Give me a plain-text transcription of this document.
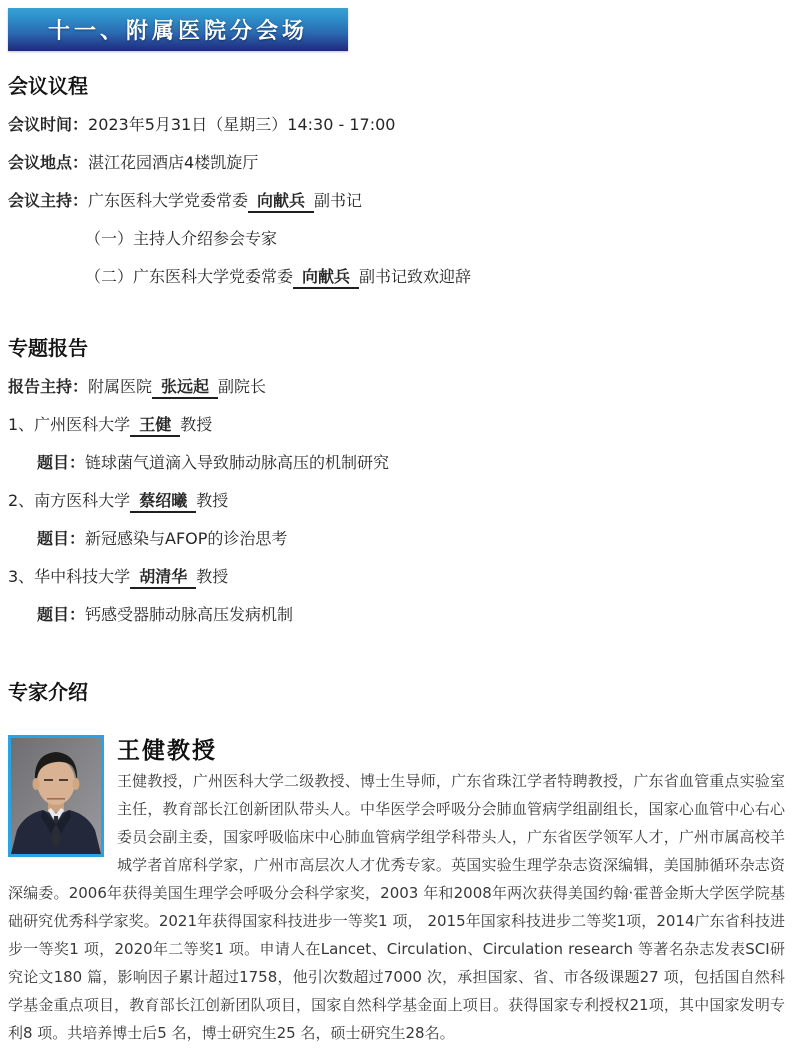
十一、附属医院分会场
会议议程
会议时间：2023年5月31日（星期三）14:30 - 17:00
会议地点：湛江花园酒店4楼凯旋厅
会议主持：广东医科大学党委常委 向献兵 副书记
（一）主持人介绍参会专家
（二）广东医科大学党委常委 向献兵 副书记致欢迎辞
专题报告
报告主持：附属医院 张远起 副院长
1、广州医科大学 王健 教授
题目：链球菌气道滴入导致肺动脉高压的机制研究
2、南方医科大学 蔡绍曦 教授
题目：新冠感染与AFOP的诊治思考
3、华中科技大学 胡清华 教授
题目：钙感受器肺动脉高压发病机制
专家介绍
王健教授
王健教授，广州医科大学二级教授、博士生导师，广东省珠江学者特聘教授，广东省血管重点实验室主任，教育部长江创新团队带头人。中华医学会呼吸分会肺血管病学组副组长，国家心血管中心右心委员会副主委，国家呼吸临床中心肺血管病学组学科带头人，广东省医学领军人才，广州市属高校羊城学者首席科学家，广州市高层次人才优秀专家。英国实验生理学杂志资深编辑，美国肺循环杂志资深编委。2006年获得美国生理学会呼吸分会科学家奖，2003 年和2008年两次获得美国约翰·霍普金斯大学医学院基础研究优秀科学家奖。2021年获得国家科技进步一等奖1 项， 2015年国家科技进步二等奖1项，2014广东省科技进步一等奖1 项，2020年二等奖1 项。申请人在Lancet、Circulation、Circulation research 等著名杂志发表SCI研究论文180 篇，影响因子累计超过1758，他引次数超过7000 次，承担国家、省、市各级课题27 项，包括国自然科学基金重点项目，教育部长江创新团队项目，国家自然科学基金面上项目。获得国家专利授权21项，其中国家发明专利8 项。共培养博士后5 名，博士研究生25 名，硕士研究生28名。
